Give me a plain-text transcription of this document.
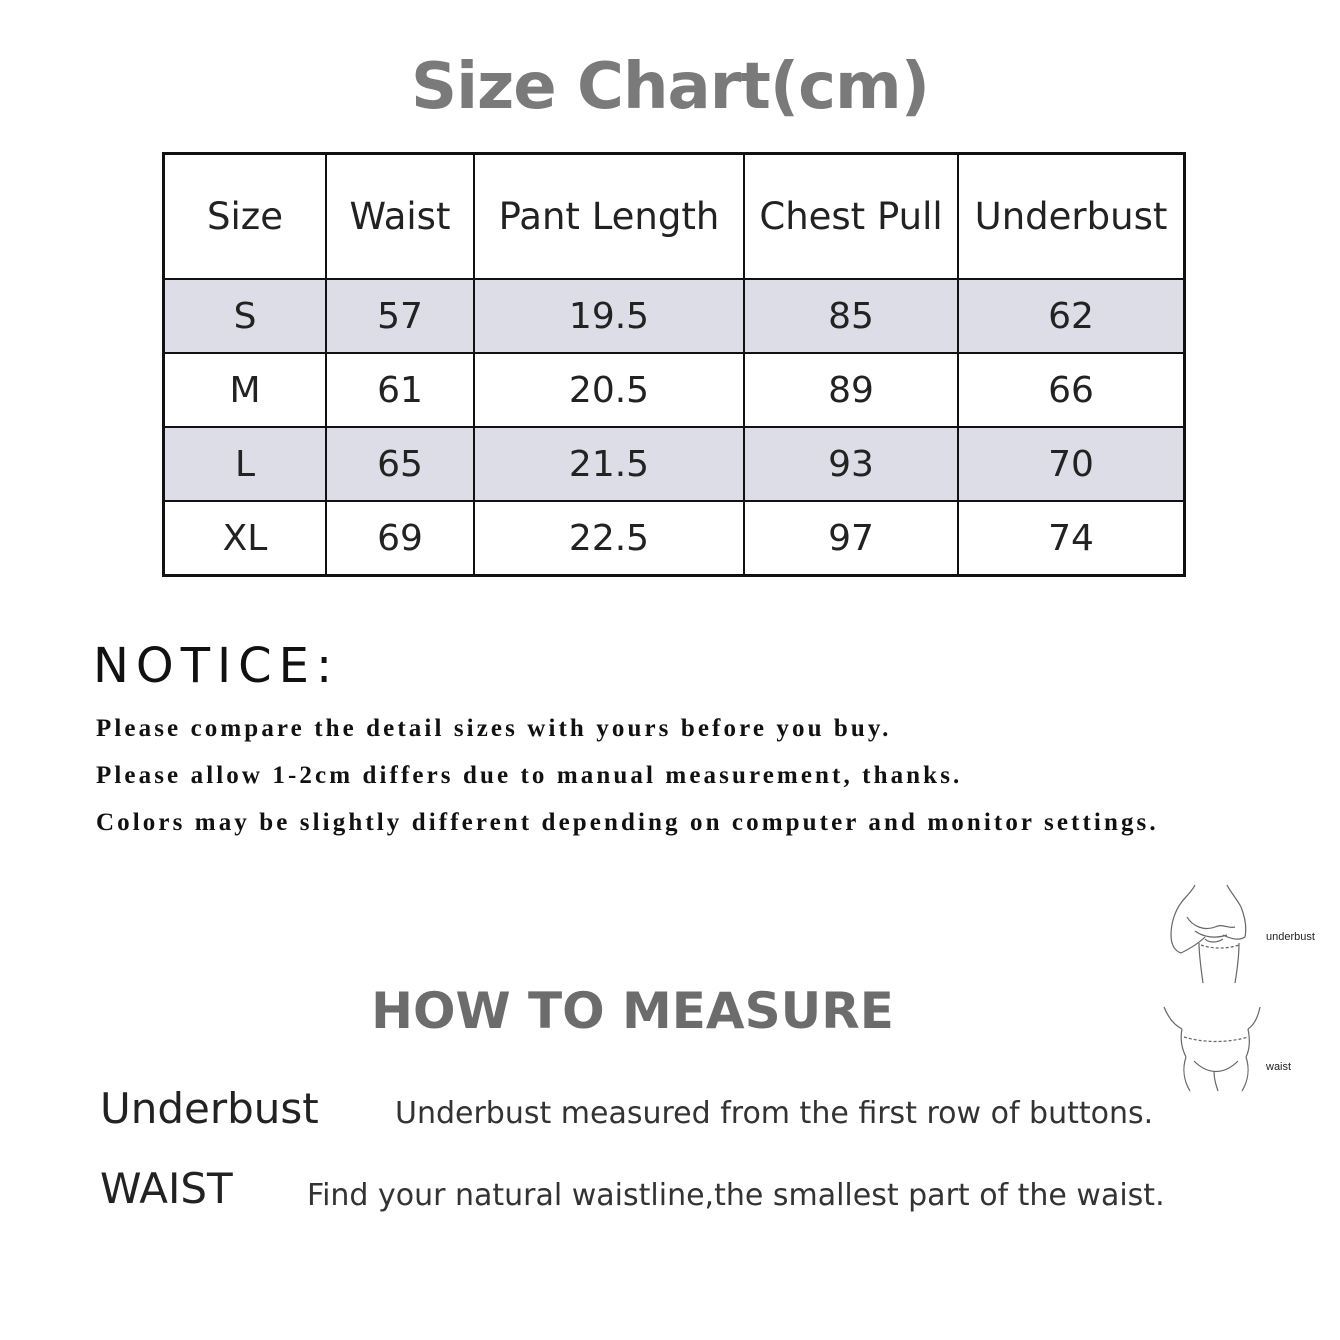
Size Chart(cm)
Size	Waist	Pant Length	Chest Pull	Underbust
S	57	19.5	85	62
M	61	20.5	89	66
L	65	21.5	93	70
XL	69	22.5	97	74
NOTICE:
Please compare the detail sizes with yours before you buy.
Please allow 1-2cm differs due to manual measurement, thanks.
Colors may be slightly different depending on computer and monitor settings.
underbust
waist
HOW TO MEASURE
Underbust	Underbust measured from the first row of buttons.
WAIST Find your natural waistline,the smallest part of the waist.
